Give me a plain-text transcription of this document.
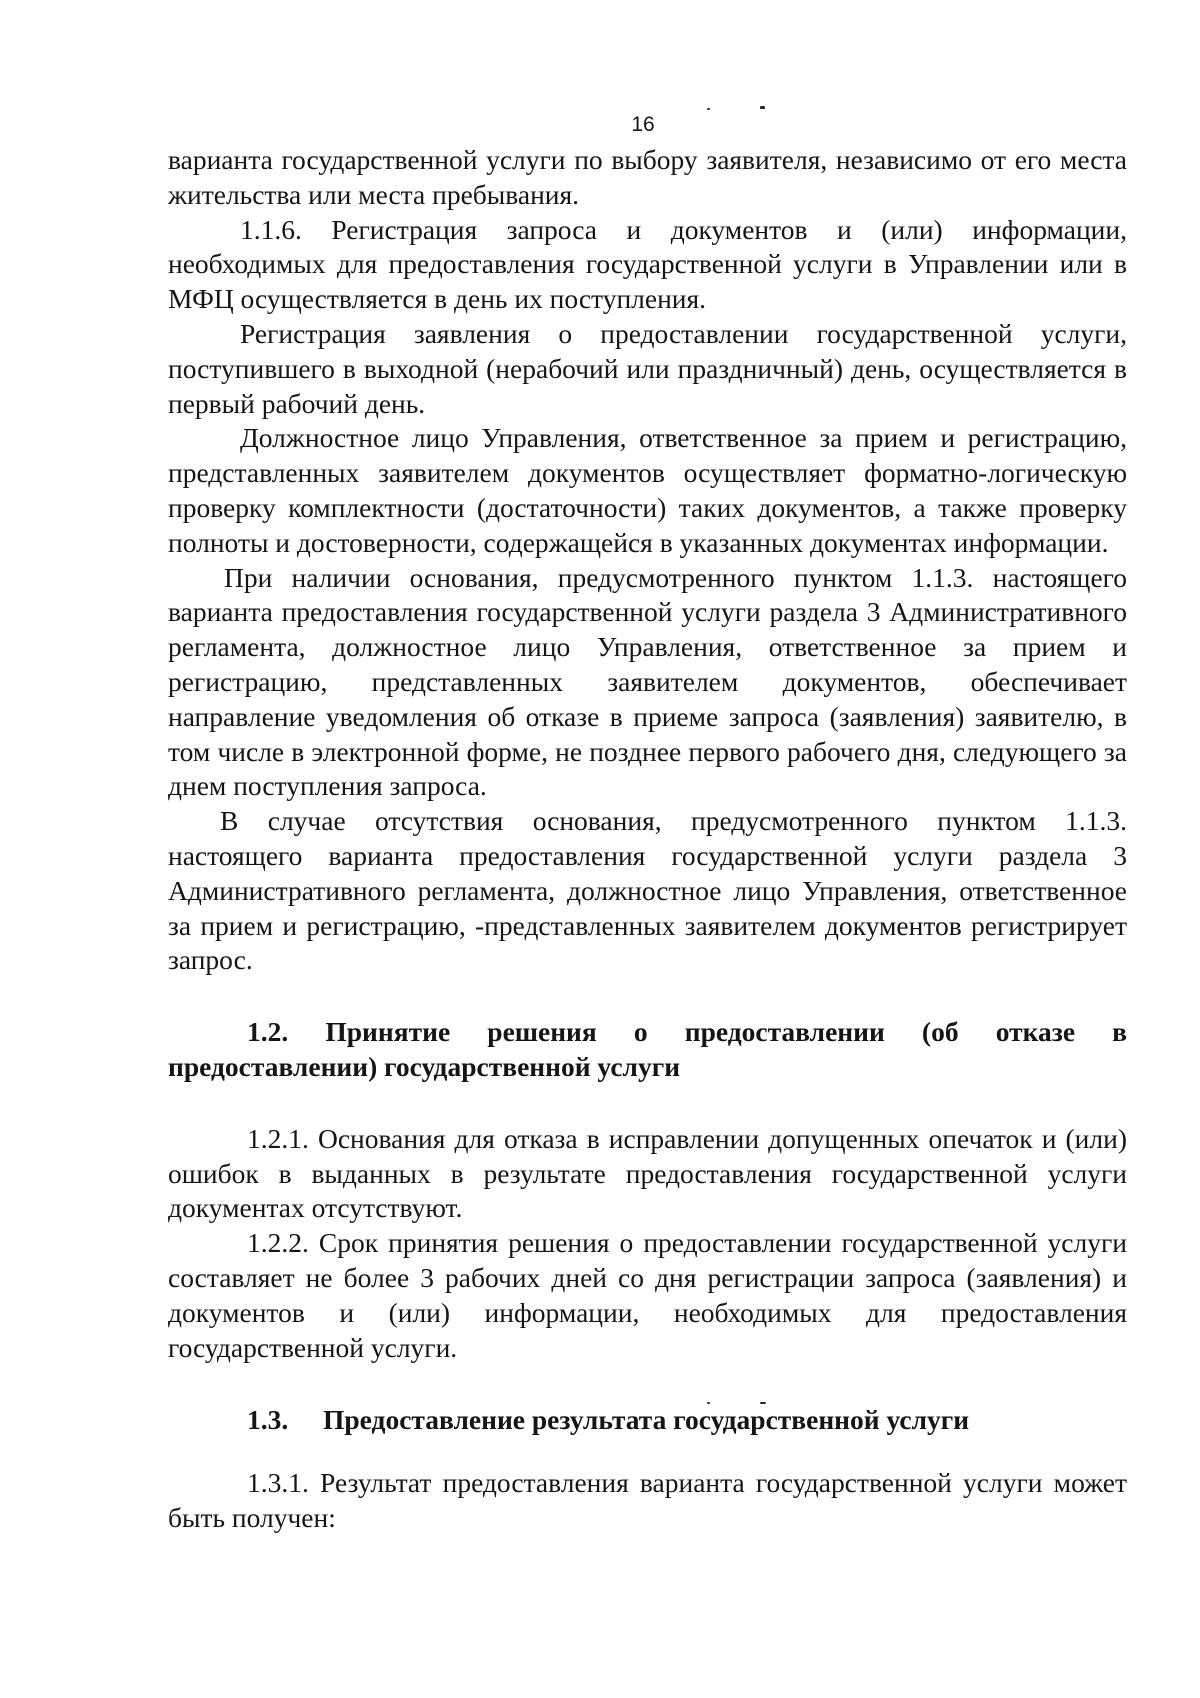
16

варианта государственной услуги по выбору заявителя, независимо от его места жительства или места пребывания.

1.1.6. Регистрация запроса и документов и (или) информации, необходимых для предоставления государственной услуги в Управлении или в МФЦ осуществляется в день их поступления.

Регистрация заявления о предоставлении государственной услуги, поступившего в выходной (нерабочий или праздничный) день, осуществляется в первый рабочий день.

Должностное лицо Управления, ответственное за прием и регистрацию, представленных заявителем документов осуществляет форматно-логическую проверку комплектности (достаточности) таких документов, а также проверку полноты и достоверности, содержащейся в указанных документах информации.

При наличии основания, предусмотренного пунктом 1.1.3. настоящего варианта предоставления государственной услуги раздела 3 Административного регламента, должностное лицо Управления, ответственное за прием и регистрацию, представленных заявителем документов, обеспечивает направление уведомления об отказе в приеме запроса (заявления) заявителю, в том числе в электронной форме, не позднее первого рабочего дня, следующего за днем поступления запроса.

В случае отсутствия основания, предусмотренного пунктом 1.1.3. настоящего варианта предоставления государственной услуги раздела 3 Административного регламента, должностное лицо Управления, ответственное за прием и регистрацию, -представленных заявителем документов регистрирует запрос.

1.2. Принятие решения о предоставлении (об отказе в предоставлении) государственной услуги

1.2.1. Основания для отказа в исправлении допущенных опечаток и (или) ошибок в выданных в результате предоставления государственной услуги документах отсутствуют.

1.2.2. Срок принятия решения о предоставлении государственной услуги составляет не более 3 рабочих дней со дня регистрации запроса (заявления) и документов и (или) информации, необходимых для предоставления государственной услуги.

1.3. Предоставление результата государственной услуги

1.3.1. Результат предоставления варианта государственной услуги может быть получен:
